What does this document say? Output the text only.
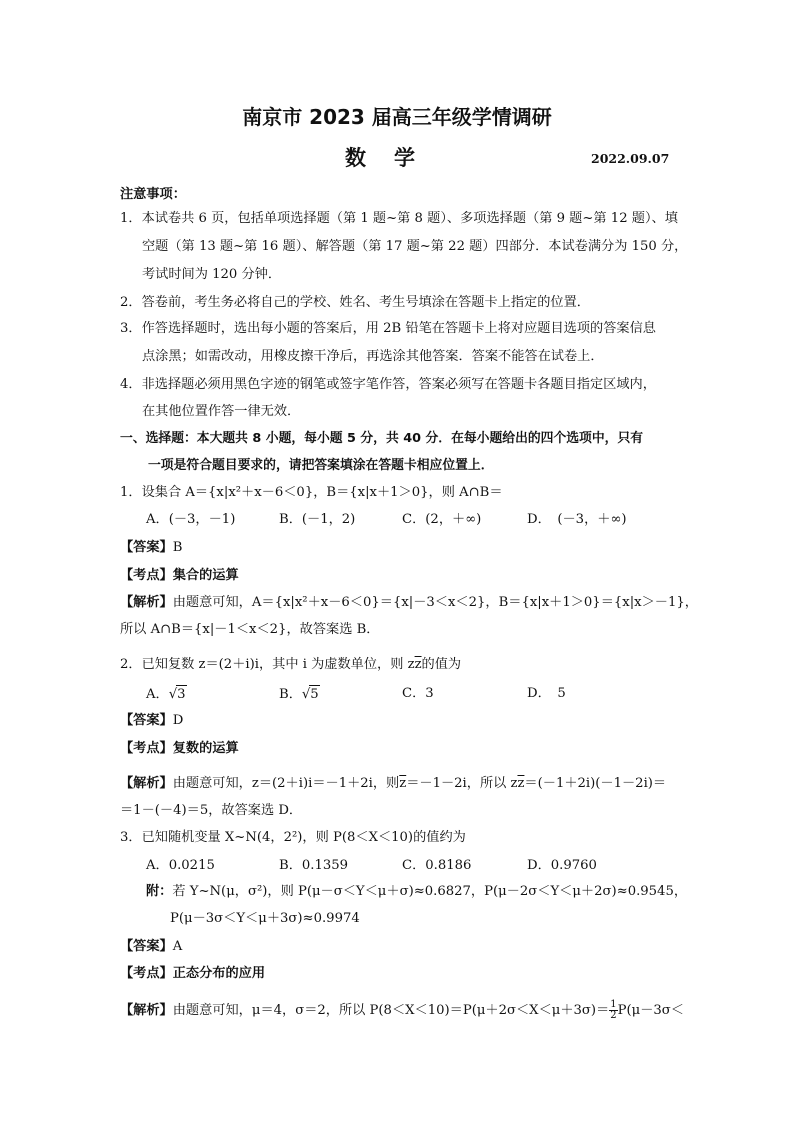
南京市 2023 届高三年级学情调研
数学	2022.09.07
注意事项：
1．本试卷共 6 页，包括单项选择题（第 1 题~第 8 题）、多项选择题（第 9 题~第 12 题）、填
空题（第 13 题~第 16 题）、解答题（第 17 题~第 22 题）四部分．本试卷满分为 150 分，
考试时间为 120 分钟．
2．答卷前，考生务必将自己的学校、姓名、考生号填涂在答题卡上指定的位置．
3．作答选择题时，选出每小题的答案后，用 2B 铅笔在答题卡上将对应题目选项的答案信息
点涂黑；如需改动，用橡皮擦干净后，再选涂其他答案．答案不能答在试卷上．
4．非选择题必须用黑色字迹的钢笔或签字笔作答，答案必须写在答题卡各题目指定区域内，
在其他位置作答一律无效．
一、选择题：本大题共 8 小题，每小题 5 分，共 40 分．在每小题给出的四个选项中，只有
一项是符合题目要求的，请把答案填涂在答题卡相应位置上．
1．设集合 A＝{x|x²＋x－6＜0}，B＝{x|x＋1＞0}，则 A∩B＝
A．(－3，－1)	B．(－1，2)	C．(2，＋∞)	D．　(－3，＋∞)
【答案】B
【考点】集合的运算
【解析】由题意可知，A＝{x|x²＋x－6＜0}＝{x|－3＜x＜2}，B＝{x|x＋1＞0}＝{x|x＞－1}，
所以 A∩B＝{x|－1＜x＜2}，故答案选 B．
2．已知复数 z＝(2＋i)i，其中 i 为虚数单位，则 $z\overline{z}$的值为
A．√3	B．√5	C．3	D．　5
【答案】D
【考点】复数的运算
【解析】由题意可知，z＝(2＋i)i＝－1＋2i，则$\overline{z}=-1-2i$，所以 $z\overline{z}=(-1+2i)(-1-2i)=$
＝1－(－4)＝5，故答案选 D．
3．已知随机变量 X~N(4，2²)，则 P(8＜X＜10)的值约为
A．0.0215	B．0.1359	C．0.8186	D．0.9760
附：若 Y~N(μ，σ²)，则 P(μ－σ＜Y＜μ＋σ)≈0.6827，P(μ－2σ＜Y＜μ＋2σ)≈0.9545，
P(μ－3σ＜Y＜μ＋3σ)≈0.9974
【答案】A
【考点】正态分布的应用
【解析】由题意可知，μ＝4，σ＝2，所以 $P(8<X<10)=P(\mu+2\sigma<X<\mu+3\sigma)= \frac{1}{2} P(\mu-3\sigma<$
